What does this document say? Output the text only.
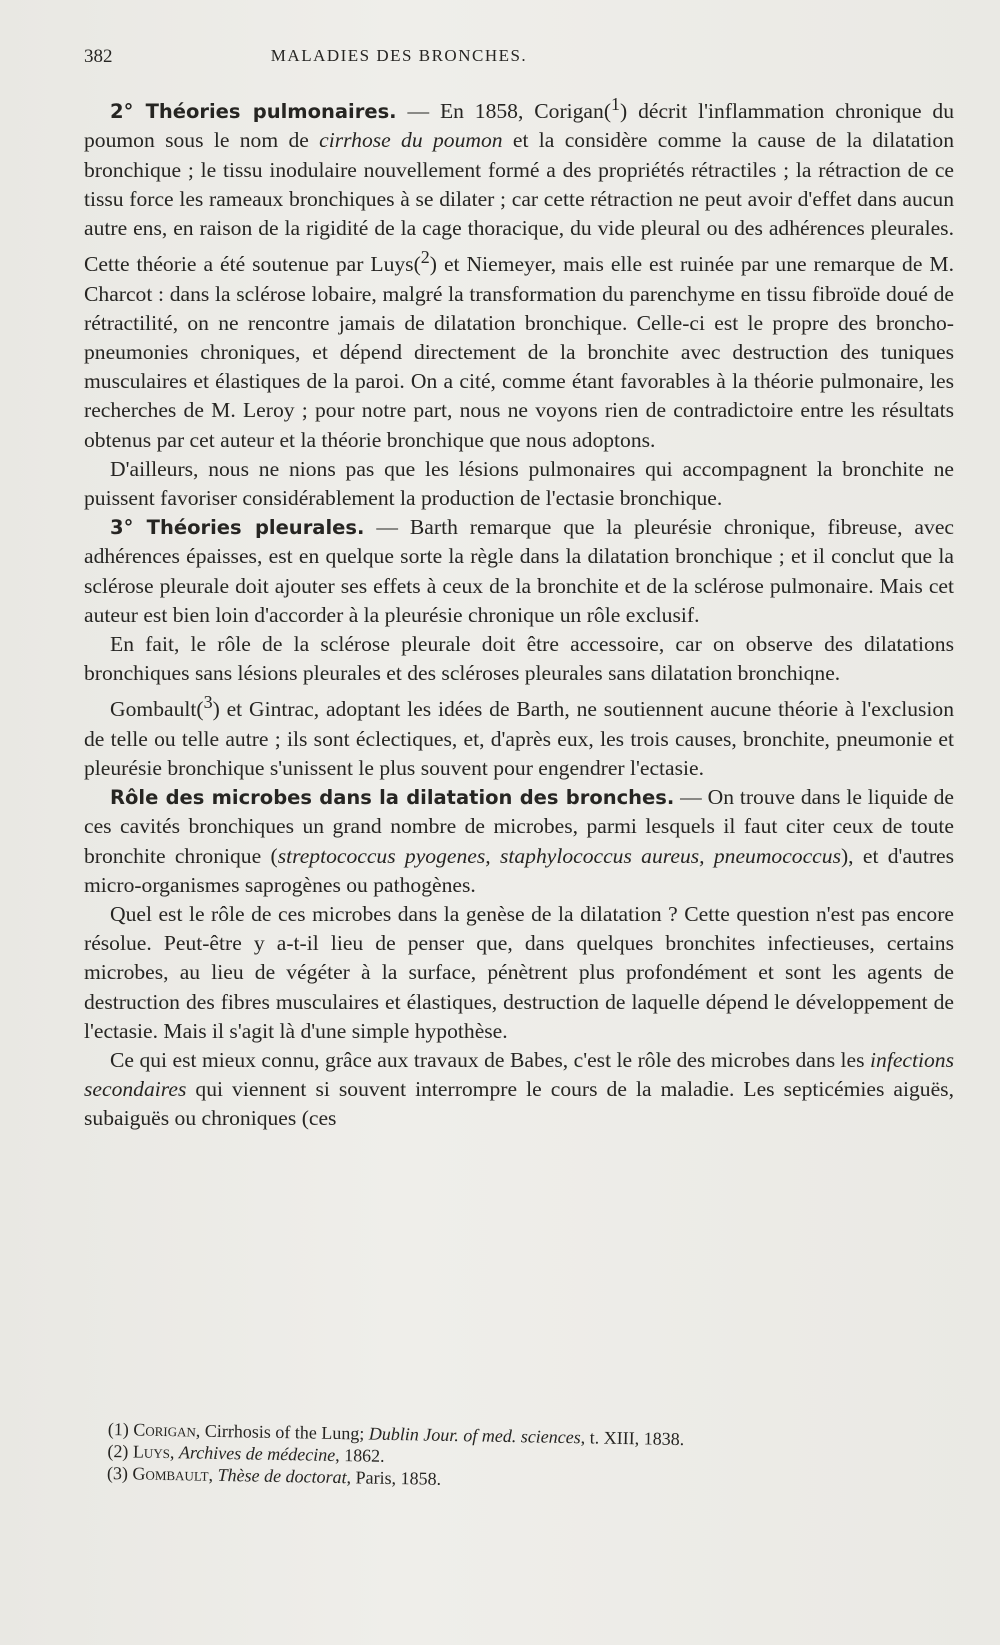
382	MALADIES DES BRONCHES.

2° Théories pulmonaires. — En 1858, Corigan($^1$) décrit l'inflammation chronique du poumon sous le nom de cirrhose du poumon et la considère comme la cause de la dilatation bronchique ; le tissu inodulaire nouvellement formé a des propriétés rétractiles ; la rétraction de ce tissu force les rameaux bronchiques à se dilater ; car cette rétraction ne peut avoir d'effet dans aucun autre ens, en raison de la rigidité de la cage thoracique, du vide pleural ou des adhérences pleurales. Cette théorie a été soutenue par Luys($^2$) et Niemeyer, mais elle est ruinée par une remarque de M. Charcot : dans la sclérose lobaire, malgré la transformation du parenchyme en tissu fibroïde doué de rétractilité, on ne rencontre jamais de dilatation bronchique. Celle-ci est le propre des broncho-pneumonies chroniques, et dépend directement de la bronchite avec destruction des tuniques musculaires et élastiques de la paroi. On a cité, comme étant favorables à la théorie pulmonaire, les recherches de M. Leroy ; pour notre part, nous ne voyons rien de contradictoire entre les résultats obtenus par cet auteur et la théorie bronchique que nous adoptons.

D'ailleurs, nous ne nions pas que les lésions pulmonaires qui accompagnent la bronchite ne puissent favoriser considérablement la production de l'ectasie bronchique.

3° Théories pleurales. — Barth remarque que la pleurésie chronique, fibreuse, avec adhérences épaisses, est en quelque sorte la règle dans la dilatation bronchique ; et il conclut que la sclérose pleurale doit ajouter ses effets à ceux de la bronchite et de la sclérose pulmonaire. Mais cet auteur est bien loin d'accorder à la pleurésie chronique un rôle exclusif.

En fait, le rôle de la sclérose pleurale doit être accessoire, car on observe des dilatations bronchiques sans lésions pleurales et des scléroses pleurales sans dilatation bronchiqne.

Gombault($^3$) et Gintrac, adoptant les idées de Barth, ne soutiennent aucune théorie à l'exclusion de telle ou telle autre ; ils sont éclectiques, et, d'après eux, les trois causes, bronchite, pneumonie et pleurésie bronchique s'unissent le plus souvent pour engendrer l'ectasie.

Rôle des microbes dans la dilatation des bronches. — On trouve dans le liquide de ces cavités bronchiques un grand nombre de microbes, parmi lesquels il faut citer ceux de toute bronchite chronique (streptococcus pyogenes, staphylococcus aureus, pneumococcus), et d'autres micro-organismes saprogènes ou pathogènes.

Quel est le rôle de ces microbes dans la genèse de la dilatation ? Cette question n'est pas encore résolue. Peut-être y a-t-il lieu de penser que, dans quelques bronchites infectieuses, certains microbes, au lieu de végéter à la surface, pénètrent plus profondément et sont les agents de destruction des fibres musculaires et élastiques, destruction de laquelle dépend le développement de l'ectasie. Mais il s'agit là d'une simple hypothèse.

Ce qui est mieux connu, grâce aux travaux de Babes, c'est le rôle des microbes dans les infections secondaires qui viennent si souvent interrompre le cours de la maladie. Les septicémies aiguës, subaiguës ou chroniques (ces

(1) Corigan, Cirrhosis of the Lung; Dublin Jour. of med. sciences, t. XIII, 1838.

(2) Luys, Archives de médecine, 1862.

(3) Gombault, Thèse de doctorat, Paris, 1858.
